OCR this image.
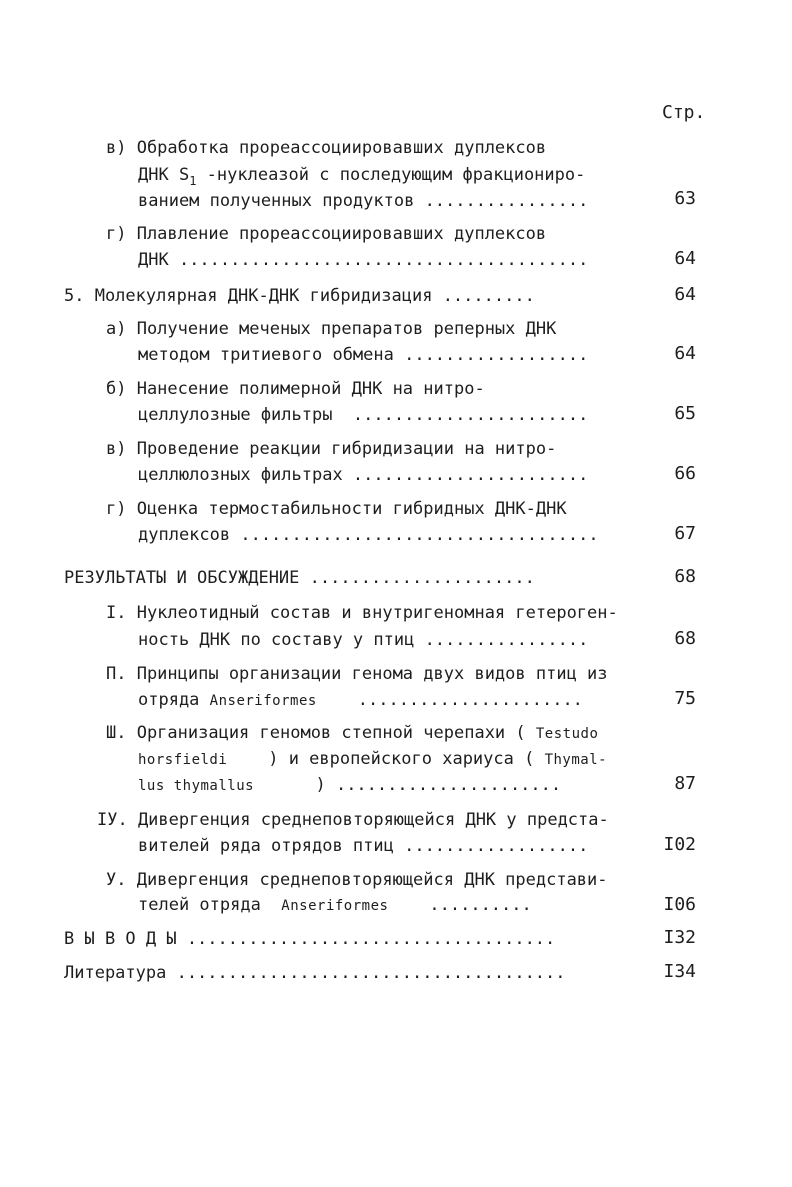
Стр.
в) Обработка прореассоциировавших дуплексов
ДНК $S_1$ -нуклеазой с последующим фракциониро-
ванием полученных продуктов ................	63
г) Плавление прореассоциировавших дуплексов
ДНК ........................................	64
5. Молекулярная ДНК-ДНК гибридизация .........	64
а) Получение меченых препаратов реперных ДНК
методом тритиевого обмена ..................	64
б) Нанесение полимерной ДНК на нитро-
целлулозные фильтры  .......................	65
в) Проведение реакции гибридизации на нитро-
целлюлозных фильтрах .......................	66
г) Оценка термостабильности гибридных ДНК-ДНК
дуплексов ...................................	67
РЕЗУЛЬТАТЫ И ОБСУЖДЕНИЕ ......................	68
I. Нуклеотидный состав и внутригеномная гетероген-
ность ДНК по составу у птиц ................	68
П. Принципы организации генома двух видов птиц из
отряда Anseriformes    ......................	75
Ш. Организация геномов степной черепахи ( Testudo
horsfieldi    ) и европейского хариуса ( Thymal-
lus thymallus      ) ......................	87
IУ. Дивергенция среднеповторяющейся ДНК у предста-
вителей ряда отрядов птиц ..................	I02
У. Дивергенция среднеповторяющейся ДНК представи-
телей отряда  Anseriformes    ..........	I06
В Ы В О Д Ы ....................................	I32
Литература ......................................	I34
